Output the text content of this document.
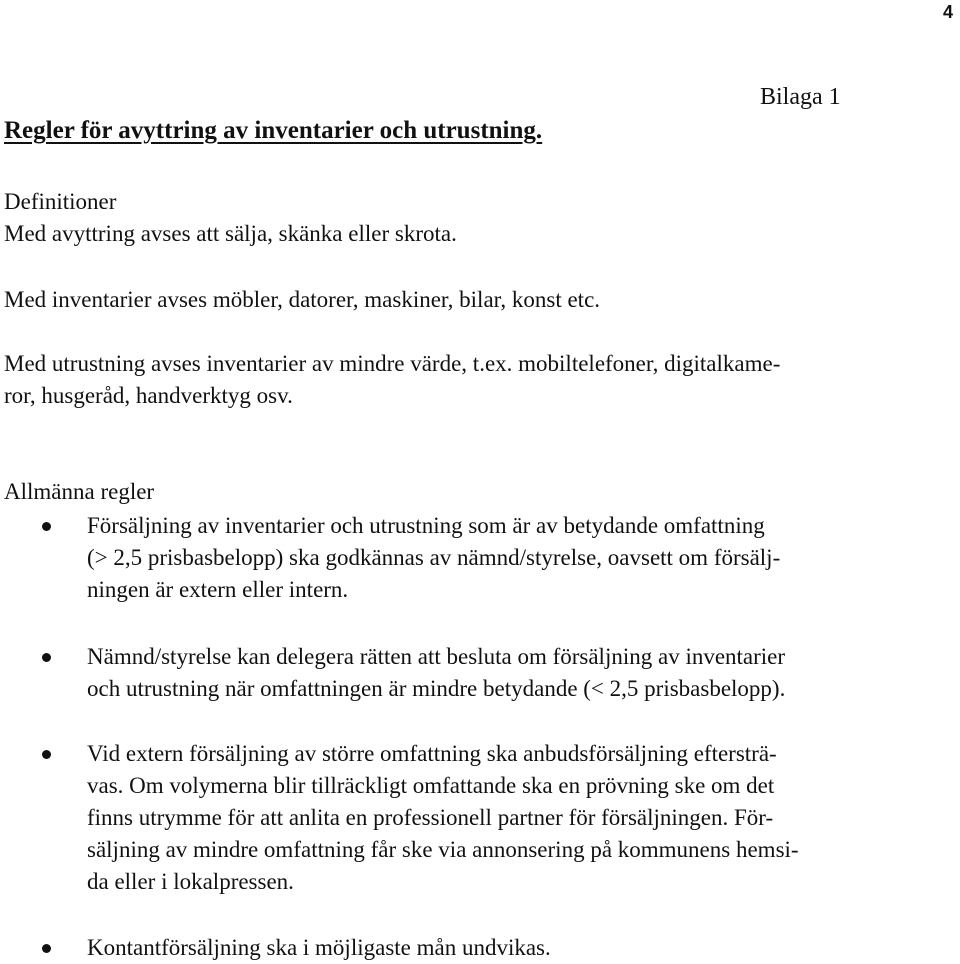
4
Bilaga 1
Regler för avyttring av inventarier och utrustning.
Definitioner
Med avyttring avses att sälja, skänka eller skrota.
Med inventarier avses möbler, datorer, maskiner, bilar, konst etc.
Med utrustning avses inventarier av mindre värde, t.ex. mobiltelefoner, digitalkame-
ror, husgeråd, handverktyg osv.
Allmänna regler
Försäljning av inventarier och utrustning som är av betydande omfattning
(> 2,5 prisbasbelopp) ska godkännas av nämnd/styrelse, oavsett om försälj-
ningen är extern eller intern.
Nämnd/styrelse kan delegera rätten att besluta om försäljning av inventarier
och utrustning när omfattningen är mindre betydande (< 2,5 prisbasbelopp).
Vid extern försäljning av större omfattning ska anbudsförsäljning eftersträ-
vas. Om volymerna blir tillräckligt omfattande ska en prövning ske om det
finns utrymme för att anlita en professionell partner för försäljningen. För-
säljning av mindre omfattning får ske via annonsering på kommunens hemsi-
da eller i lokalpressen.
Kontantförsäljning ska i möjligaste mån undvikas.
